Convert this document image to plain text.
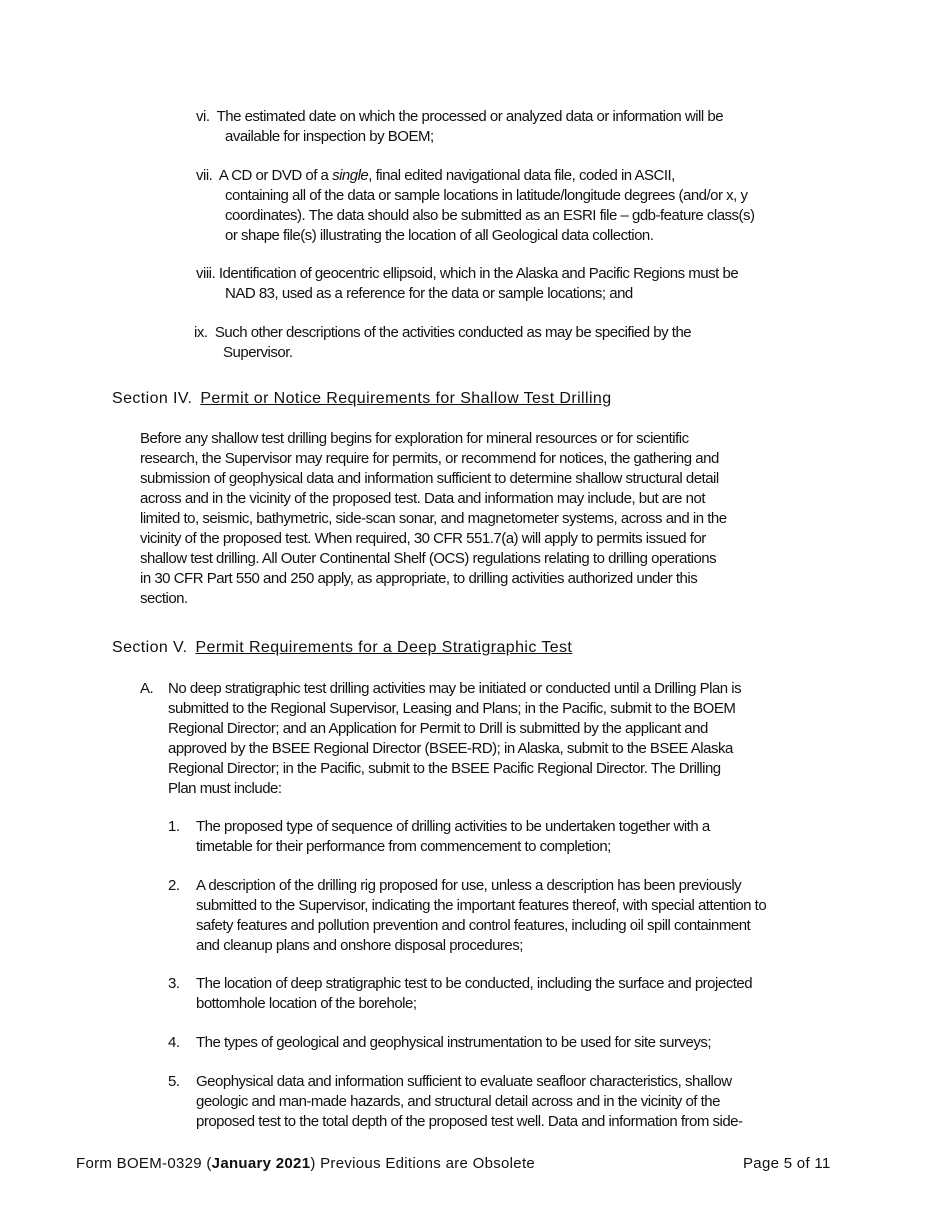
vi. The estimated date on which the processed or analyzed data or information will be
available for inspection by BOEM;
vii. A CD or DVD of a single, final edited navigational data file, coded in ASCII,
containing all of the data or sample locations in latitude/longitude degrees (and/or x, y
coordinates). The data should also be submitted as an ESRI file – gdb-feature class(s)
or shape file(s) illustrating the location of all Geological data collection.
viii. Identification of geocentric ellipsoid, which in the Alaska and Pacific Regions must be
NAD 83, used as a reference for the data or sample locations; and
ix. Such other descriptions of the activities conducted as may be specified by the
Supervisor.
Section IV. Permit or Notice Requirements for Shallow Test Drilling
Before any shallow test drilling begins for exploration for mineral resources or for scientific
research, the Supervisor may require for permits, or recommend for notices, the gathering and
submission of geophysical data and information sufficient to determine shallow structural detail
across and in the vicinity of the proposed test. Data and information may include, but are not
limited to, seismic, bathymetric, side-scan sonar, and magnetometer systems, across and in the
vicinity of the proposed test. When required, 30 CFR 551.7(a) will apply to permits issued for
shallow test drilling. All Outer Continental Shelf (OCS) regulations relating to drilling operations
in 30 CFR Part 550 and 250 apply, as appropriate, to drilling activities authorized under this
section.
Section V. Permit Requirements for a Deep Stratigraphic Test
A. No deep stratigraphic test drilling activities may be initiated or conducted until a Drilling Plan is
submitted to the Regional Supervisor, Leasing and Plans; in the Pacific, submit to the BOEM
Regional Director; and an Application for Permit to Drill is submitted by the applicant and
approved by the BSEE Regional Director (BSEE-RD); in Alaska, submit to the BSEE Alaska
Regional Director; in the Pacific, submit to the BSEE Pacific Regional Director. The Drilling
Plan must include:
1. The proposed type of sequence of drilling activities to be undertaken together with a
timetable for their performance from commencement to completion;
2. A description of the drilling rig proposed for use, unless a description has been previously
submitted to the Supervisor, indicating the important features thereof, with special attention to
safety features and pollution prevention and control features, including oil spill containment
and cleanup plans and onshore disposal procedures;
3. The location of deep stratigraphic test to be conducted, including the surface and projected
bottomhole location of the borehole;
4. The types of geological and geophysical instrumentation to be used for site surveys;
5. Geophysical data and information sufficient to evaluate seafloor characteristics, shallow
geologic and man-made hazards, and structural detail across and in the vicinity of the
proposed test to the total depth of the proposed test well. Data and information from side-
Form BOEM-0329 (January 2021) Previous Editions are Obsolete	Page 5 of 11
